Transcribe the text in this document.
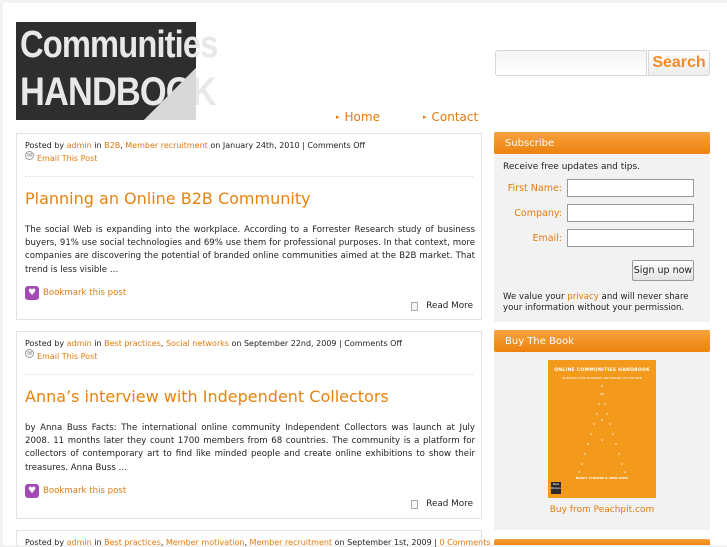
Communities
HANDBOOK
Search
▸ Home	▸ Contact
Posted by admin in B2B, Member recruitment on January 24th, 2010 | Comments Off
✉ Email This Post
Planning an Online B2B Community
The social Web is expanding into the workplace. According to a Forrester Research study of business buyers, 91% use social technologies and 69% use them for professional purposes. In that context, more companies are discovering the potential of branded online communities aimed at the B2B market. That trend is less visible …
♥ Bookmark this post
Read More
Posted by admin in Best practices, Social networks on September 22nd, 2009 | Comments Off
✉ Email This Post
Anna’s interview with Independent Collectors
by Anna Buss Facts: The international online community Independent Collectors was launch at July 2008. 11 months later they count 1700 members from 68 countries. The community is a platform for collectors of contemporary art to find like minded people and create online exhibitions to show their treasures. Anna Buss …
♥ Bookmark this post
Read More
Posted by admin in Best practices, Member motivation, Member recruitment on September 1st, 2009 | 0 Comments
Subscribe
Receive free updates and tips.
First Name:
Company:
Email:
Sign up now
We value your privacy and will never share your information without your permission.
Buy The Book
ONLINE COMMUNITIES HANDBOOK
BUILDING YOUR BUSINESS AND BRAND ON THE WEB
NANCY STRAUSS & ANNA BUSS
New Riders
Buy from Peachpit.com
